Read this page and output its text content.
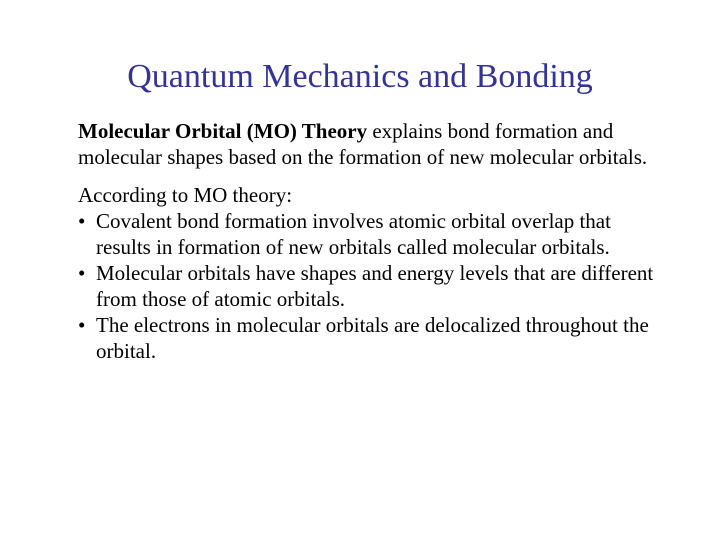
Quantum Mechanics and Bonding

Molecular Orbital (MO) Theory explains bond formation and molecular shapes based on the formation of new molecular orbitals.

According to MO theory:

• Covalent bond formation involves atomic orbital overlap that results in formation of new orbitals called molecular orbitals.
• Molecular orbitals have shapes and energy levels that are different from those of atomic orbitals.
• The electrons in molecular orbitals are delocalized throughout the orbital.
